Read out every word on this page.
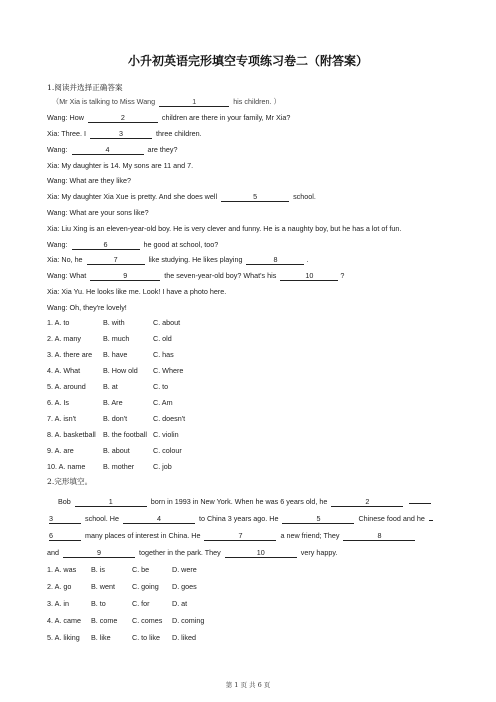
小升初英语完形填空专项练习卷二（附答案）
1.阅读并选择正确答案
（Mr Xia is talking to Miss Wang	1	his children. ）
Wang: How	2	children are there in your family, Mr Xia?
Xia: Three. I	3	three children.
Wang:	4	are they?
Xia: My daughter is 14. My sons are 11 and 7.
Wang: What are they like?
Xia: My daughter Xia Xue is pretty. And she does well	5	school.
Wang: What are your sons like?
Xia: Liu Xing is an eleven-year-old boy. He is very clever and funny. He is a naughty boy, but he has a lot of fun.
Wang:	6	he good at school, too?
Xia: No, he	7	like studying. He likes playing	8	.
Wang: What	9	the seven-year-old boy? What's his	10	?
Xia: Xia Yu. He looks like me. Look! I have a photo here.
Wang: Oh, they're lovely!
1. A. to	B. with	C. about
2. A. many	B. much	C. old
3. A. there are B. have	C. has
4. A. What	B. How old C. Where
5. A. around B. at	C. to
6. A. Is	B. Are	C. Am
7. A. isn't	B. don't	C. doesn't
8. A. basketball B. the football C. violin
9. A. are	B. about	C. colour
10. A. name B. mother	C. job
2.完形填空。
Bob	1	born in 1993 in New York. When he was 6 years old, he	2
3	school. He	4	to China 3 years ago. He	5	Chinese food and he
6	many places of interest in China. He	7	a new friend; They	8
and	9	together in the park. They	10	very happy.
1. A. was B. is	C. be	D. were
2. A. go	B. went C. going D. goes
3. A. in	B. to	C. for	D. at
4. A. came B. come C. comes D. coming
5. A. liking B. like	C. to like D. liked
第 1 页 共 6 页
